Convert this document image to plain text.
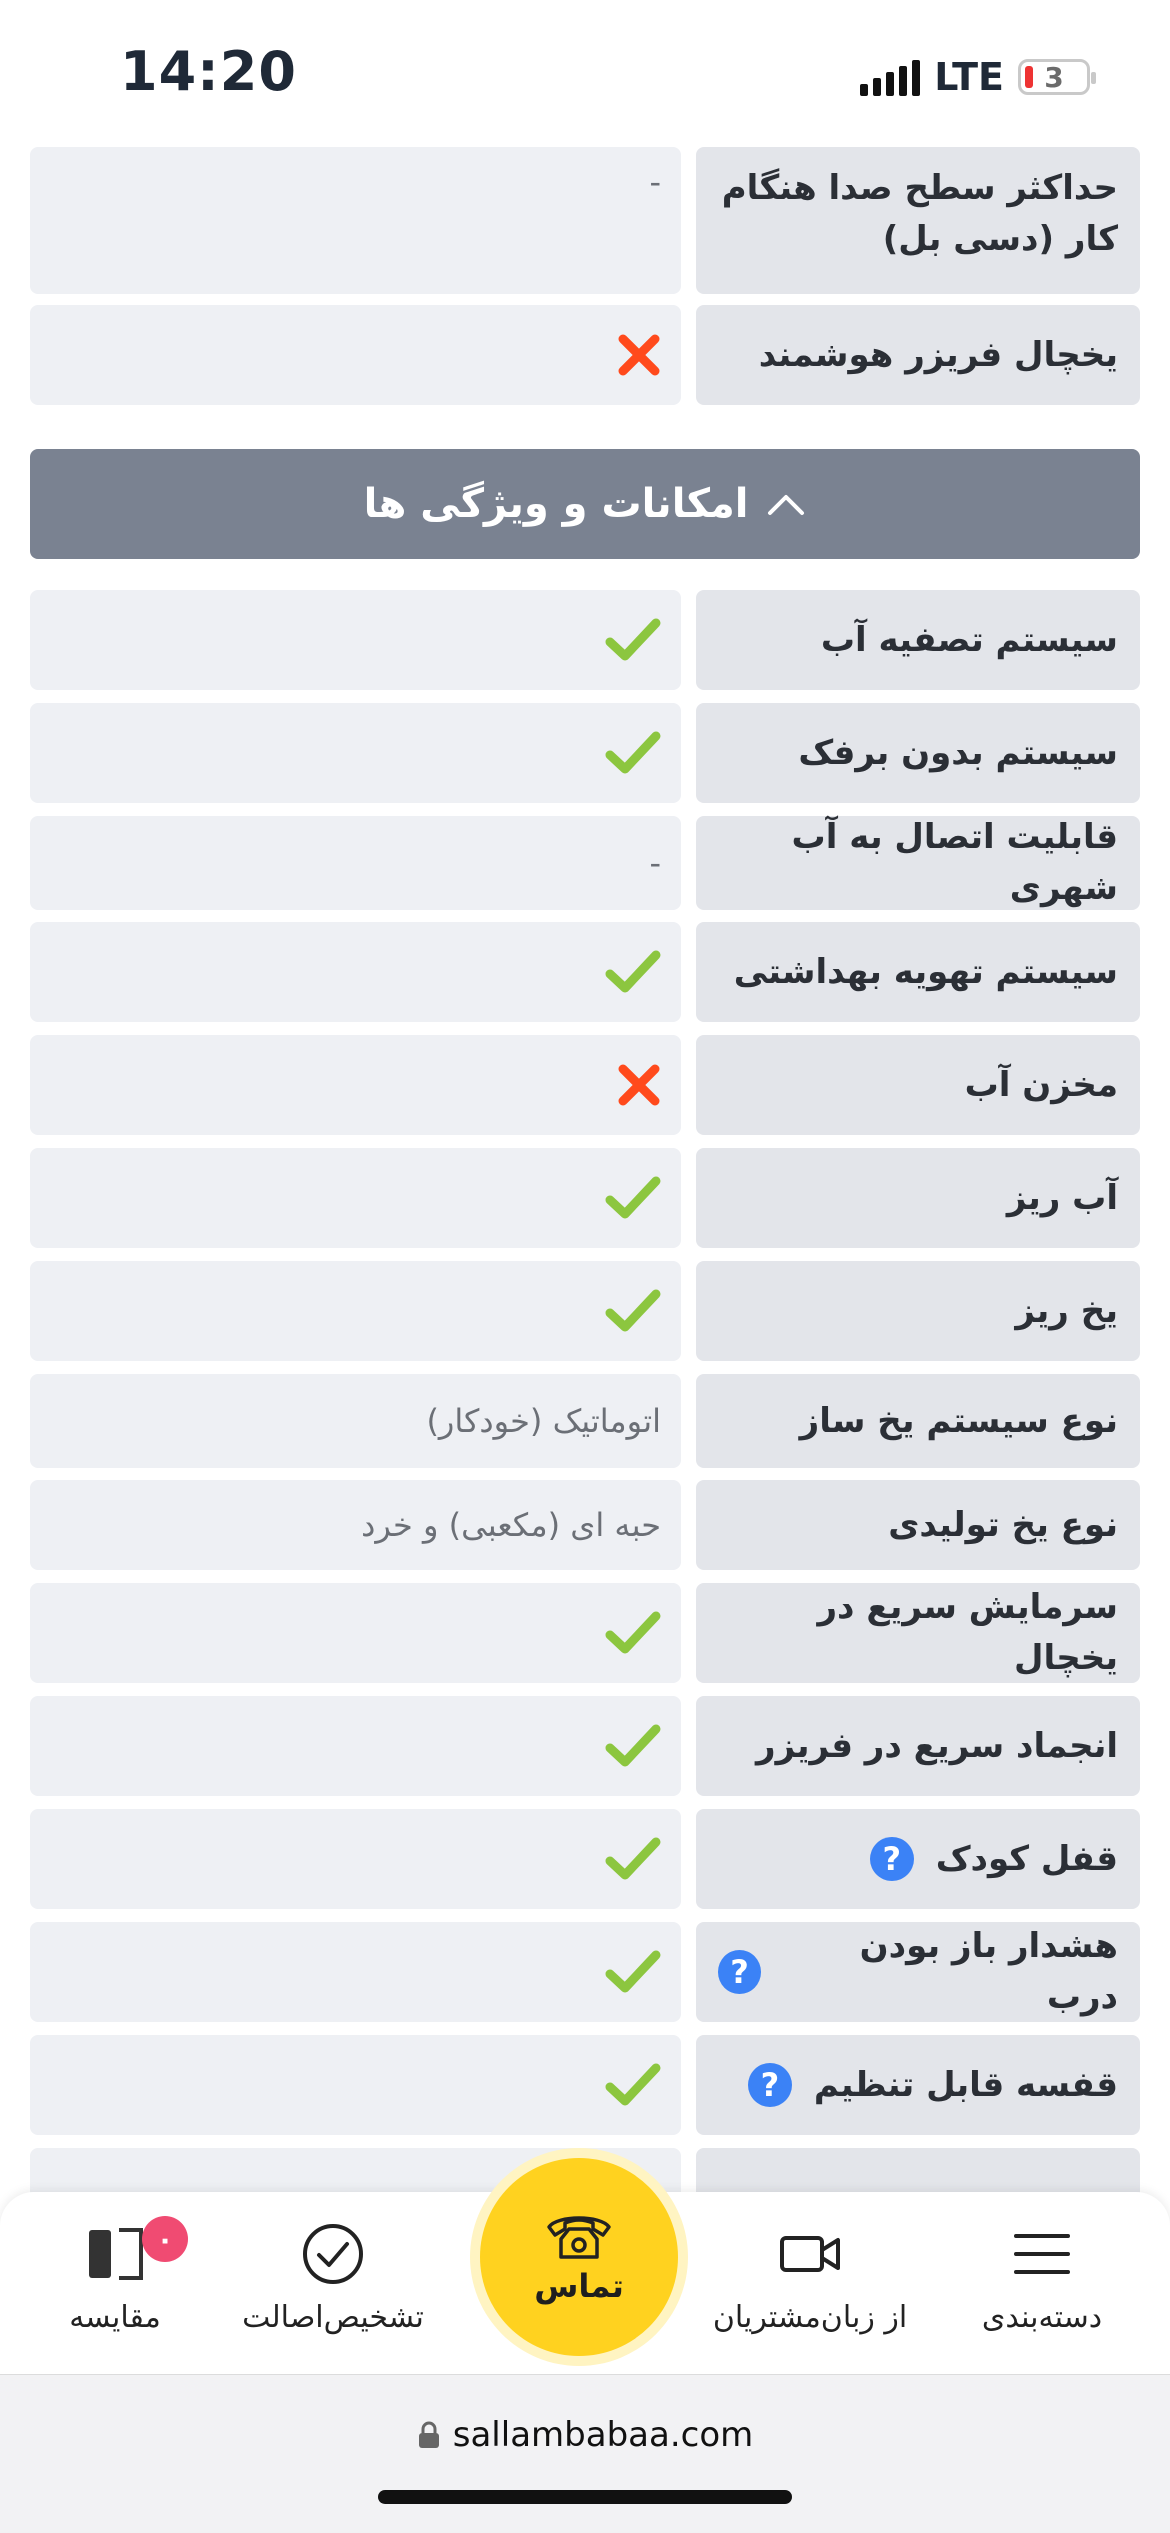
14:20	LTE 3
حداکثر سطح صدا هنگام کار (دسی بل)
-
یخچال فریزر هوشمند
امکانات و ویژگی ها
سیستم تصفیه آب
سیستم بدون برفک
قابلیت اتصال به آب شهری
-
سیستم تهویه بهداشتی
مخزن آب
آب ریز
یخ ریز
نوع سیستم یخ ساز
اتوماتیک (خودکار)
نوع یخ تولیدی
حبه ای (مکعبی) و خرد
سرمایش سریع در یخچال
انجماد سریع در فریزر
قفل کودک
?
هشدار باز بودن درب
?
قفسه قابل تنظیم
?
دسته‌بندی
از زبان‌مشتریان
تشخیص‌اصالت
مقایسه
۰
تماس
sallambabaa.com
